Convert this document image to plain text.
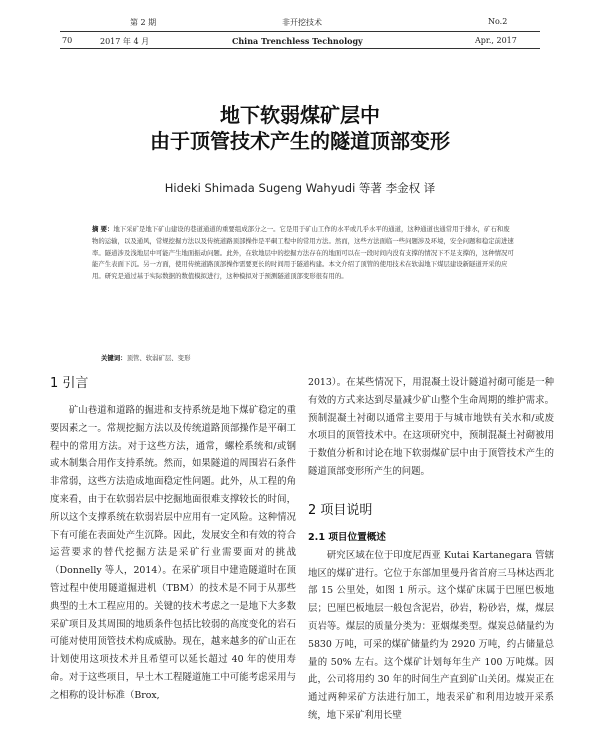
第 2 期	非开挖技术	No.2
70	2017 年 4 月	China Trenchless Technology	Apr., 2017
地下软弱煤矿层中
由于顶管技术产生的隧道顶部变形
Hideki Shimada Sugeng Wahyudi 等著 李金权 译
摘 要：地下采矿是地下矿山建设的巷道通道的重要组成部分之一。它是用于矿山工作的水平或几乎水平的通道，这种通道也通常用于排水，矿石和废物的运输，以及通风，常规挖掘方法以及传统道路顶部操作是平硐工程中的常用方法。然而，这些方法面临一些问题涉及环境，安全问题和稳定前进速率。隧道涉及浅地层中可能产生地面振动问题。此外，在软地层中的挖掘方法存在的地面可以在一段时间内没有支撑的情况下不足支撑的，这种情况可能产生表面下沉。另一方面，使用传统道路顶部操作需要更长的时间用于隧道构建。本文介绍了顶管的使用技术在软弱地下煤层建设新隧道开采的应用。研究是通过基于实际数据的数值模拟进行，这种模拟对于预测隧道顶部变形很有用的。
关键词：顶管、软弱矿层、变形
1 引言

矿山巷道和道路的掘进和支持系统是地下煤矿稳定的重要因素之一。常规挖掘方法以及传统道路顶部操作是平硐工程中的常用方法。对于这些方法，通常，螺栓系统和/或钢或木制集合用作支持系统。然而，如果隧道的周围岩石条件非常弱，这些方法造成地面稳定性问题。此外，从工程的角度来看，由于在软弱岩层中挖掘地面很难支撑较长的时间，所以这个支撑系统在软弱岩层中应用有一定风险。这种情况下有可能在表面处产生沉降。因此，发展安全和有效的符合运营要求的替代挖掘方法是采矿行业需要面对的挑战（Donnelly 等人，2014）。在采矿项目中建造隧道时在顶管过程中使用隧道掘进机（TBM）的技术是不同于从那些典型的土木工程应用的。关键的技术考虑之一是地下大多数采矿项目及其周围的地质条件包括比较弱的高度变化的岩石可能对使用顶管技术构成威胁。现在，越来越多的矿山正在计划使用这项技术并且希望可以延长超过 40 年的使用寿命。对于这些项目，早土木工程隧道施工中可能考虑采用与之相称的设计标准（Brox,

2013）。在某些情况下，用混凝土设计隧道衬砌可能是一种有效的方式来达到尽量减少矿山整个生命周期的维护需求。预制混凝土衬砌以通常主要用于与城市地铁有关水和/或废水项目的顶管技术中。在这项研究中，预制混凝土衬砌被用于数值分析和讨论在地下软弱煤矿层中由于顶管技术产生的隧道顶部变形所产生的问题。

2 项目说明
2.1 项目位置概述

研究区域在位于印度尼西亚 Kutai Kartanegara 管辖地区的煤矿进行。它位于东部加里曼丹省首府三马林达西北部 15 公里处，如图 1 所示。这个煤矿床属于巴厘巴板地层；巴厘巴板地层一般包含泥岩，砂岩，粉砂岩，煤，煤层页岩等。煤层的质量分类为：亚烟煤类型。煤炭总储量约为 5830 万吨，可采的煤矿储量约为 2920 万吨，约占储量总量的 50% 左右。这个煤矿计划每年生产 100 万吨煤。因此，公司将用约 30 年的时间生产直到矿山关闭。煤炭正在通过两种采矿方法进行加工，地表采矿和利用边坡开采系统，地下采矿利用长壁
